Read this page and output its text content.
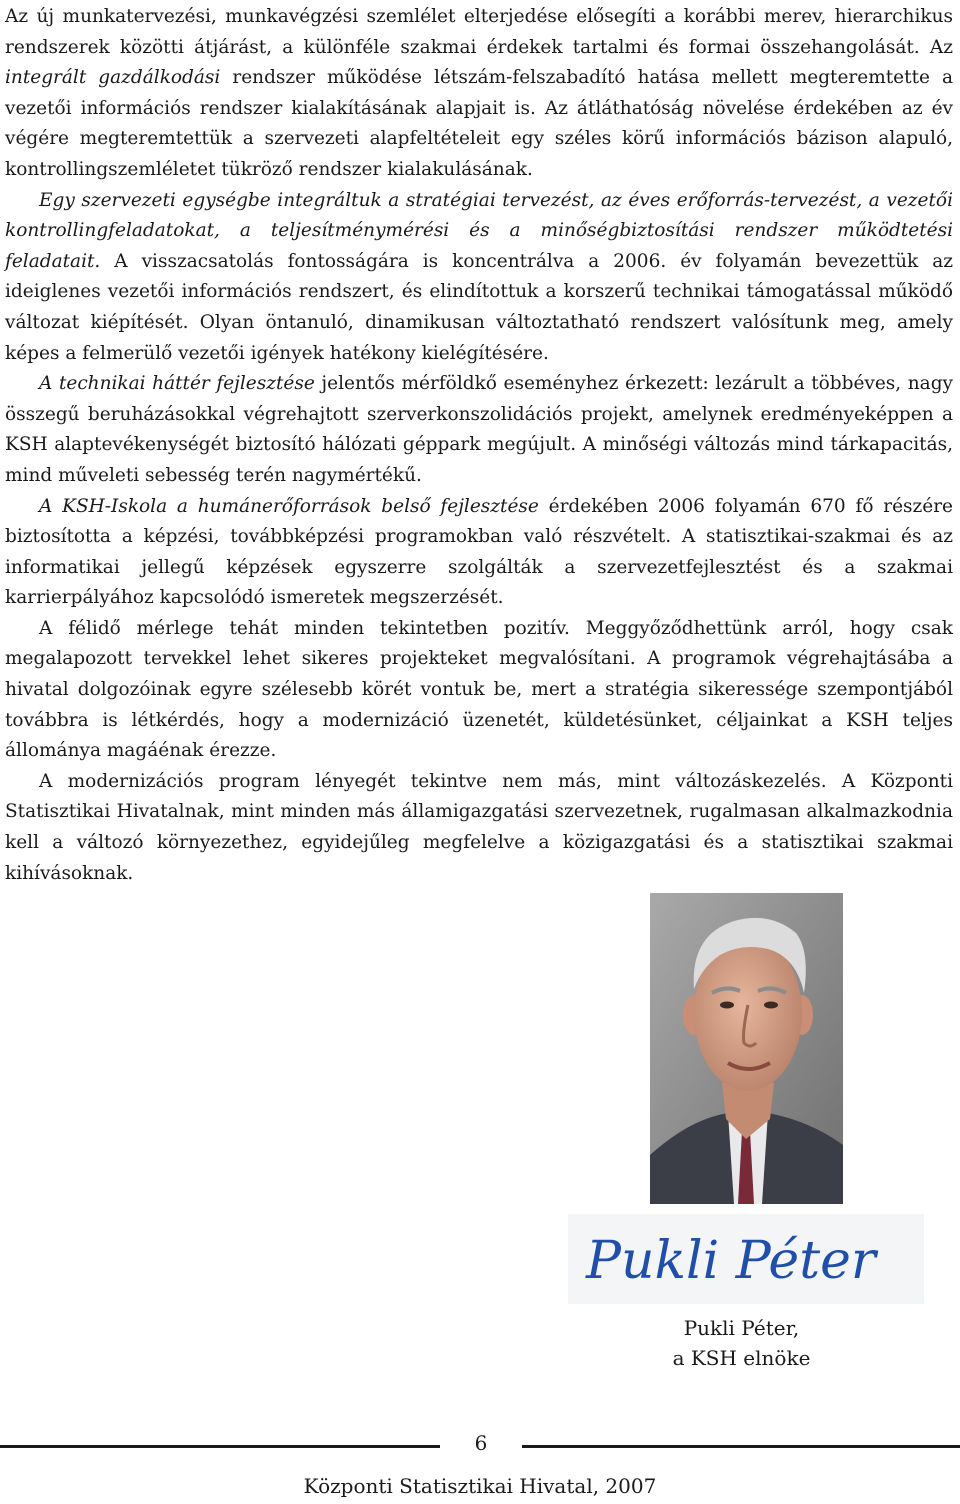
Az új munkatervezési, munkavégzési szemlélet elterjedése elősegíti a korábbi merev, hierarchikus rendszerek közötti átjárást, a különféle szakmai érdekek tartalmi és formai összehangolását. Az integrált gazdálkodási rendszer működése létszám-felszabadító hatása mellett megteremtette a vezetői információs rendszer kialakításának alapjait is. Az átláthatóság növelése érdekében az év végére megteremtettük a szervezeti alapfeltételeit egy széles körű információs bázison alapuló, kontrollingszemléletet tükröző rendszer kialakulásának.

Egy szervezeti egységbe integráltuk a stratégiai tervezést, az éves erőforrás-tervezést, a vezetői kontrollingfeladatokat, a teljesítménymérési és a minőségbiztosítási rendszer működtetési feladatait. A visszacsatolás fontosságára is koncentrálva a 2006. év folyamán bevezettük az ideiglenes vezetői információs rendszert, és elindítottuk a korszerű technikai támogatással működő változat kiépítését. Olyan öntanuló, dinamikusan változtatható rendszert valósítunk meg, amely képes a felmerülő vezetői igények hatékony kielégítésére.

A technikai háttér fejlesztése jelentős mérföldkő eseményhez érkezett: lezárult a többéves, nagy összegű beruházásokkal végrehajtott szerverkonszolidációs projekt, amelynek eredményeképpen a KSH alaptevékenységét biztosító hálózati géppark megújult. A minőségi változás mind tárkapacitás, mind műveleti sebesség terén nagymértékű.

A KSH-Iskola a humánerőforrások belső fejlesztése érdekében 2006 folyamán 670 fő részére biztosította a képzési, továbbképzési programokban való részvételt. A statisztikai-szakmai és az informatikai jellegű képzések egyszerre szolgálták a szervezetfejlesztést és a szakmai karrierpályához kapcsolódó ismeretek megszerzését.

A félidő mérlege tehát minden tekintetben pozitív. Meggyőződhettünk arról, hogy csak megalapozott tervekkel lehet sikeres projekteket megvalósítani. A programok végrehajtásába a hivatal dolgozóinak egyre szélesebb körét vontuk be, mert a stratégia sikeressége szempontjából továbbra is létkérdés, hogy a modernizáció üzenetét, küldetésünket, céljainkat a KSH teljes állománya magáénak érezze.

A modernizációs program lényegét tekintve nem más, mint változáskezelés. A Központi Statisztikai Hivatalnak, mint minden más államigazgatási szervezetnek, rugalmasan alkalmazkodnia kell a változó környezethez, egyidejűleg megfelelve a közigazgatási és a statisztikai szakmai kihívásoknak.

Pukli Péter
Pukli Péter,
a KSH elnöke
6
Központi Statisztikai Hivatal, 2007
